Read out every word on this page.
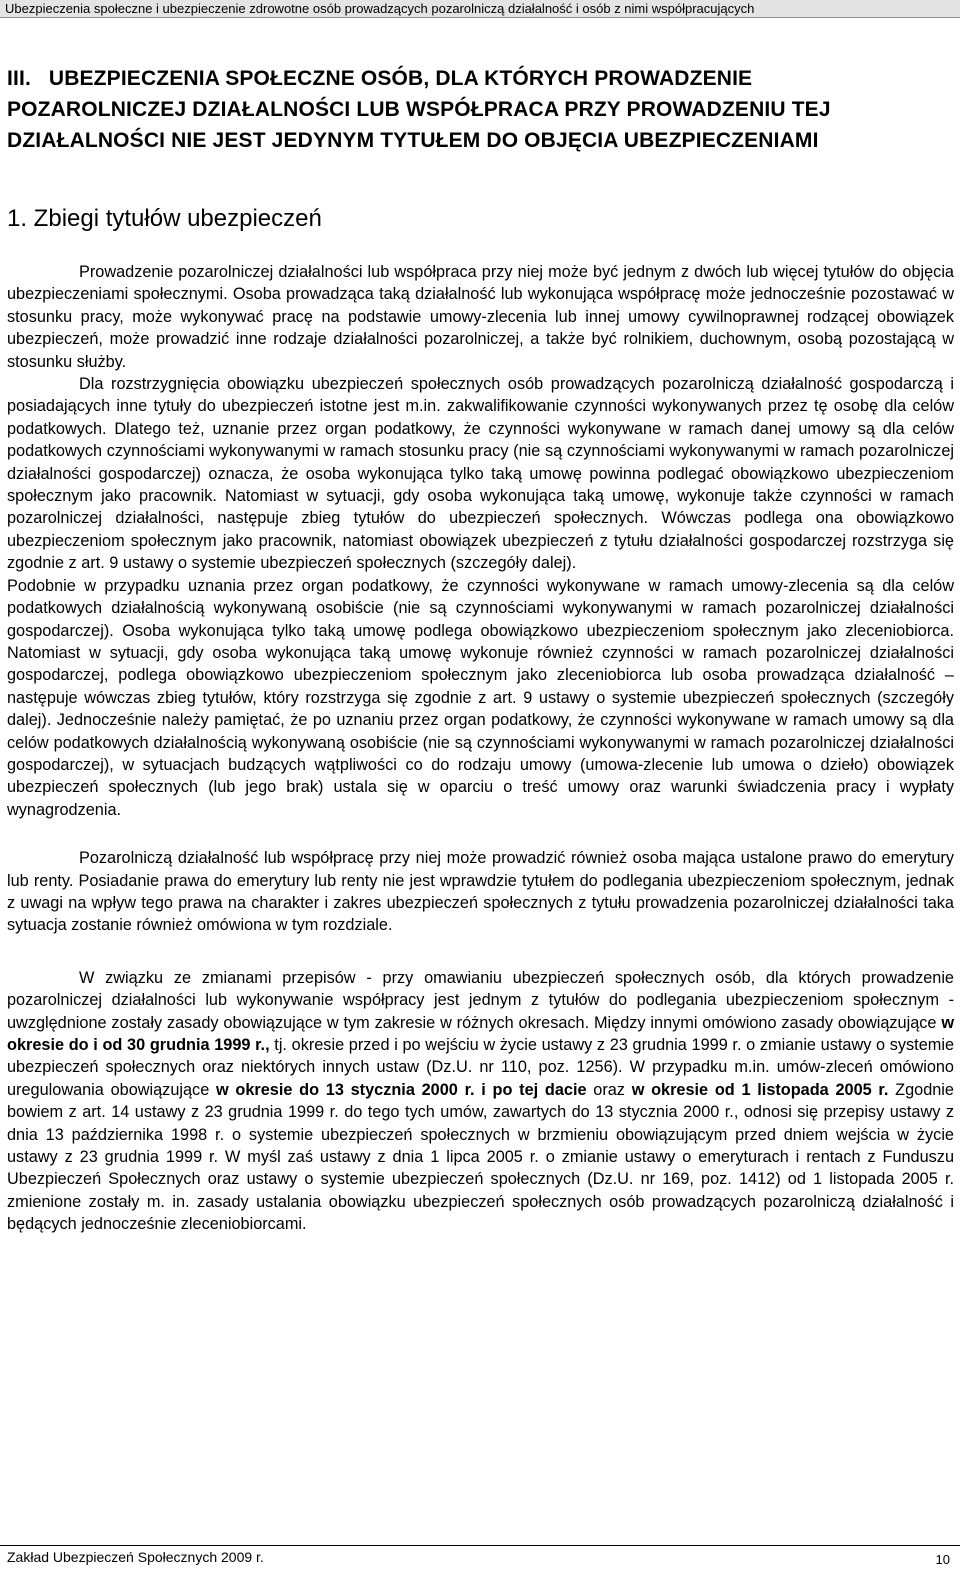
Ubezpieczenia społeczne i ubezpieczenie zdrowotne osób prowadzących pozarolniczą działalność i osób z nimi współpracujących
III.   UBEZPIECZENIA SPOŁECZNE OSÓB, DLA KTÓRYCH PROWADZENIE
POZAROLNICZEJ DZIAŁALNOŚCI LUB WSPÓŁPRACA PRZY PROWADZENIU TEJ
DZIAŁALNOŚCI NIE JEST JEDYNYM TYTUŁEM DO OBJĘCIA UBEZPIECZENIAMI
1. Zbiegi tytułów ubezpieczeń

Prowadzenie pozarolniczej działalności lub współpraca przy niej może być jednym z dwóch lub więcej tytułów do objęcia ubezpieczeniami społecznymi. Osoba prowadząca taką działalność lub wykonująca współpracę może jednocześnie pozostawać w stosunku pracy, może wykonywać pracę na podstawie umowy-zlecenia lub innej umowy cywilnoprawnej rodzącej obowiązek ubezpieczeń, może prowadzić inne rodzaje działalności pozarolniczej, a także być rolnikiem, duchownym, osobą pozostającą w stosunku służby.

Dla rozstrzygnięcia obowiązku ubezpieczeń społecznych osób prowadzących pozarolniczą działalność gospodarczą i posiadających inne tytuły do ubezpieczeń istotne jest m.in. zakwalifikowanie czynności wykonywanych przez tę osobę dla celów podatkowych. Dlatego też, uznanie przez organ podatkowy, że czynności wykonywane w ramach danej umowy są dla celów podatkowych czynnościami wykonywanymi w ramach stosunku pracy (nie są czynnościami wykonywanymi w ramach pozarolniczej działalności gospodarczej) oznacza, że osoba wykonująca tylko taką umowę powinna podlegać obowiązkowo ubezpieczeniom społecznym jako pracownik. Natomiast w sytuacji, gdy osoba wykonująca taką umowę, wykonuje także czynności w ramach pozarolniczej działalności, następuje zbieg tytułów do ubezpieczeń społecznych. Wówczas podlega ona obowiązkowo ubezpieczeniom społecznym jako pracownik, natomiast obowiązek ubezpieczeń z tytułu działalności gospodarczej rozstrzyga się zgodnie z art. 9 ustawy o systemie ubezpieczeń społecznych (szczegóły dalej).

Podobnie w przypadku uznania przez organ podatkowy, że czynności wykonywane w ramach umowy-zlecenia są dla celów podatkowych działalnością wykonywaną osobiście (nie są czynnościami wykonywanymi w ramach pozarolniczej działalności gospodarczej). Osoba wykonująca tylko taką umowę podlega obowiązkowo ubezpieczeniom społecznym jako zleceniobiorca. Natomiast w sytuacji, gdy osoba wykonująca taką umowę wykonuje również czynności w ramach pozarolniczej działalności gospodarczej, podlega obowiązkowo ubezpieczeniom społecznym jako zleceniobiorca lub osoba prowadząca działalność – następuje wówczas zbieg tytułów, który rozstrzyga się zgodnie z art. 9 ustawy o systemie ubezpieczeń społecznych (szczegóły dalej). Jednocześnie należy pamiętać, że po uznaniu przez organ podatkowy, że czynności wykonywane w ramach umowy są dla celów podatkowych działalnością wykonywaną osobiście (nie są czynnościami wykonywanymi w ramach pozarolniczej działalności gospodarczej), w sytuacjach budzących wątpliwości co do rodzaju umowy (umowa-zlecenie lub umowa o dzieło) obowiązek ubezpieczeń społecznych (lub jego brak) ustala się w oparciu o treść umowy oraz warunki świadczenia pracy i wypłaty wynagrodzenia.

Pozarolniczą działalność lub współpracę przy niej może prowadzić również osoba mająca ustalone prawo do emerytury lub renty. Posiadanie prawa do emerytury lub renty nie jest wprawdzie tytułem do podlegania ubezpieczeniom społecznym, jednak z uwagi na wpływ tego prawa na charakter i zakres ubezpieczeń społecznych z tytułu prowadzenia pozarolniczej działalności taka sytuacja zostanie również omówiona w tym rozdziale.

W związku ze zmianami przepisów - przy omawianiu ubezpieczeń społecznych osób, dla których prowadzenie pozarolniczej działalności lub wykonywanie współpracy jest jednym z tytułów do podlegania ubezpieczeniom społecznym - uwzględnione zostały zasady obowiązujące w tym zakresie w różnych okresach. Między innymi omówiono zasady obowiązujące w okresie do i od 30 grudnia 1999 r., tj. okresie przed i po wejściu w życie ustawy z 23 grudnia 1999 r. o zmianie ustawy o systemie ubezpieczeń społecznych oraz niektórych innych ustaw (Dz.U. nr 110, poz. 1256). W przypadku m.in. umów-zleceń omówiono uregulowania obowiązujące w okresie do 13 stycznia 2000 r. i po tej dacie oraz w okresie od 1 listopada 2005 r. Zgodnie bowiem z art. 14 ustawy z 23 grudnia 1999 r. do tego tych umów, zawartych do 13 stycznia 2000 r., odnosi się przepisy ustawy z dnia 13 października 1998 r. o systemie ubezpieczeń społecznych w brzmieniu obowiązującym przed dniem wejścia w życie ustawy z 23 grudnia 1999 r. W myśl zaś ustawy z dnia 1 lipca 2005 r. o zmianie ustawy o emeryturach i rentach z Funduszu Ubezpieczeń Społecznych oraz ustawy o systemie ubezpieczeń społecznych (Dz.U. nr 169, poz. 1412) od 1 listopada 2005 r. zmienione zostały m. in. zasady ustalania obowiązku ubezpieczeń społecznych osób prowadzących pozarolniczą działalność i będących jednocześnie zleceniobiorcami.

Zakład Ubezpieczeń Społecznych 2009 r.	10
